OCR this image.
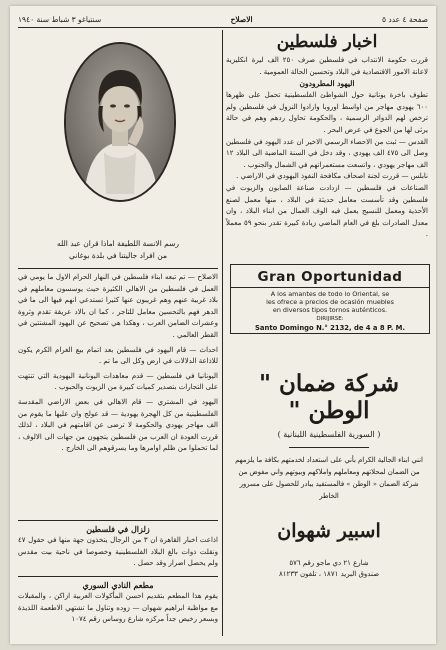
صفحة ٤ عدد ٥
الاصلاح
سنتياغو ٣ شباط سنة ١٩٤٠
اخبار فلسطين

قررت حكومة الانتداب في فلسطين صرف ٢٥٠ الف ليرة انكليزية لاعانة الامور الاقتصادية في البلاد وتحسين الحالة العمومية .

اليهود المطرودون

تطوف باخرة يونانية حول الشواطئ الفلسطينية تحمل على ظهرها ٦٠٠ يهودي مهاجر من اواسط اوروبا وارادوا النزول في فلسطين ولم ترخص لهم الدوائر الرسمية ، والحكومة تحاول ردهم وهم في حالة يرثى لها من الجوع في عرض البحر .

القدس — ثبت من الاحصاء الرسمي الاخير ان عدد اليهود في فلسطين وصل الى ٤٧٥ الف يهودي ، وقد دخل في السنة الماضية الى البلاد ١٢ الف مهاجر يهودي ، واتسعت مستعمراتهم في الشمال والجنوب .

نابلس — قررت لجنة اصحاف مكافحة النفوذ اليهودي في الاراضي .

الصناعات في فلسطين — ازدادت صناعة الصابون والزيوت في فلسطين وقد تأسست معامل حديثة في البلاد ، منها معمل لصنع الأحذية ومعمل للنسيج يعمل فيه الوف العمال من ابناء البلاد ، وان معدل الصادرات بلغ في العام الماضي زيادة كبيرة تقدر بنحو ٥٩ معملاً .

Gran Oportunidad
A los amantes de todo lo Oriental, se
les ofrece a precios de ocasión muebles
en diversos tipos tornos auténticos.
DIRIJIRSE:
Santo Domingo N.° 2132, de 4 a 8 P. M.
شركة ضمان " الوطن "
( السورية الفلسطينية اللبنانية )
انني ابناء الجالية الكرام بأني على استعداد لخدمتهم بكافة ما يلزمهم من الضمان لمحلاتهم ومعاملهم واملاكهم وبيوتهم واني مفوض من شركة الضمان « الوطن » فالمستفيد يبادر للحصول على مسرور الخاطر
اسبير شهوان
شارع ٢١ دي ماجو رقم ٥٧٦
صندوق البريد ١٨٧١ ، تلفون ٨١٢٣٣

رسم الانسة اللطيفة اماذا قران عبد الله

من افراد جاليتنا في بلدة بوغاني

الاصلاح — تم تبعه ابناء فلسطين في النهار الحرام الاول ما يومي في العمل في فلسطين من الاهالي الكثيرة حيث يوسسون معاملهم في بلاد غربية عنهم وهم غريبون عنها كثيرا تستدعي انهم فيها الى ما في الدهر فهم بالتحسين معامل للتاجر ، كما ان بالاد عريقة تقدم وثروة وعشرات الضامن العرب ، وهكذا هي تصحيح عن اليهود المشتتين في القطر العالمي .

احداث — قام اليهود في فلسطين بعد اتمام بيع الغرام الكرم يكون للاذاعة الدلالات في ارض وكل الى ما تم .

اليونانيا في فلسطين — قدم معاهدات اليونانية اليهودية التي تنتهت على التجارات بتصدير كميات كبيرة من الزيوت والحبوب .

اليهود في المشتري — قام الاهالي في بعض الاراضي المقدسة الفلسطينية من كل الهجرة يهودية — قد عولج وان عليها ما يقوم من الف مهاجر يهودي والحكومة لا ترضى عن اقامتهم في البلاد ، لذلك قررت العودة ان العرب من فلسطين يتجهون من جهات الى الالوف ، لما تحملوا من ظلم اوامرها وما يسرقوهم الى الخارج .

زلزال في فلسطين

اذاعت اخبار القاهرة ان ٣ من الرجال يتخذون جهة منها في حقول ٤٧ ونقلت ذوات بالغ البلاد الفلسطينية وخصوصا في ناحية بيت مقدس ولم يحصل اضرار وقد حصل .

مطعم النادي السوري

يقوم هذا المطعم بتقديم احسن المأكولات العربية ازاكن ، والمقبلات مع مواظبة ابراهيم شهوان — زوده وتناول ما تشتهي الاطعمة اللذيذة وبسعر رخيص جداً مركزه شارع روساس رقم ١٠٧٤
